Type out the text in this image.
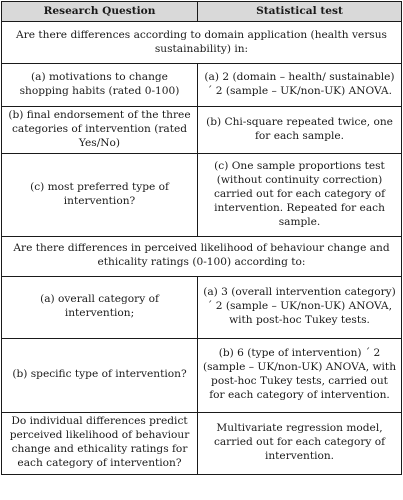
Research Question	Statistical test
Are there differences according to domain application (health versus sustainability) in:	
(a) motivations to change shopping habits (rated 0-100)	(a) 2 (domain – health/ sustainable) ´ 2 (sample – UK/non-UK) ANOVA.
(b) final endorsement of the three categories of intervention (rated Yes/No)	(b) Chi-square repeated twice, one for each sample.
(c) most preferred type of intervention?	(c) One sample proportions test (without continuity correction) carried out for each category of intervention. Repeated for each sample.
Are there differences in perceived likelihood of behaviour change and ethicality ratings (0-100) according to:	
(a) overall category of intervention;	(a) 3 (overall intervention category) ´ 2 (sample – UK/non-UK) ANOVA, with post-hoc Tukey tests.
(b) specific type of intervention?	(b) 6 (type of intervention) ´ 2 (sample – UK/non-UK) ANOVA, with post-hoc Tukey tests, carried out for each category of intervention.
Do individual differences predict perceived likelihood of behaviour change and ethicality ratings for each category of intervention?	Multivariate regression model, carried out for each category of intervention.
